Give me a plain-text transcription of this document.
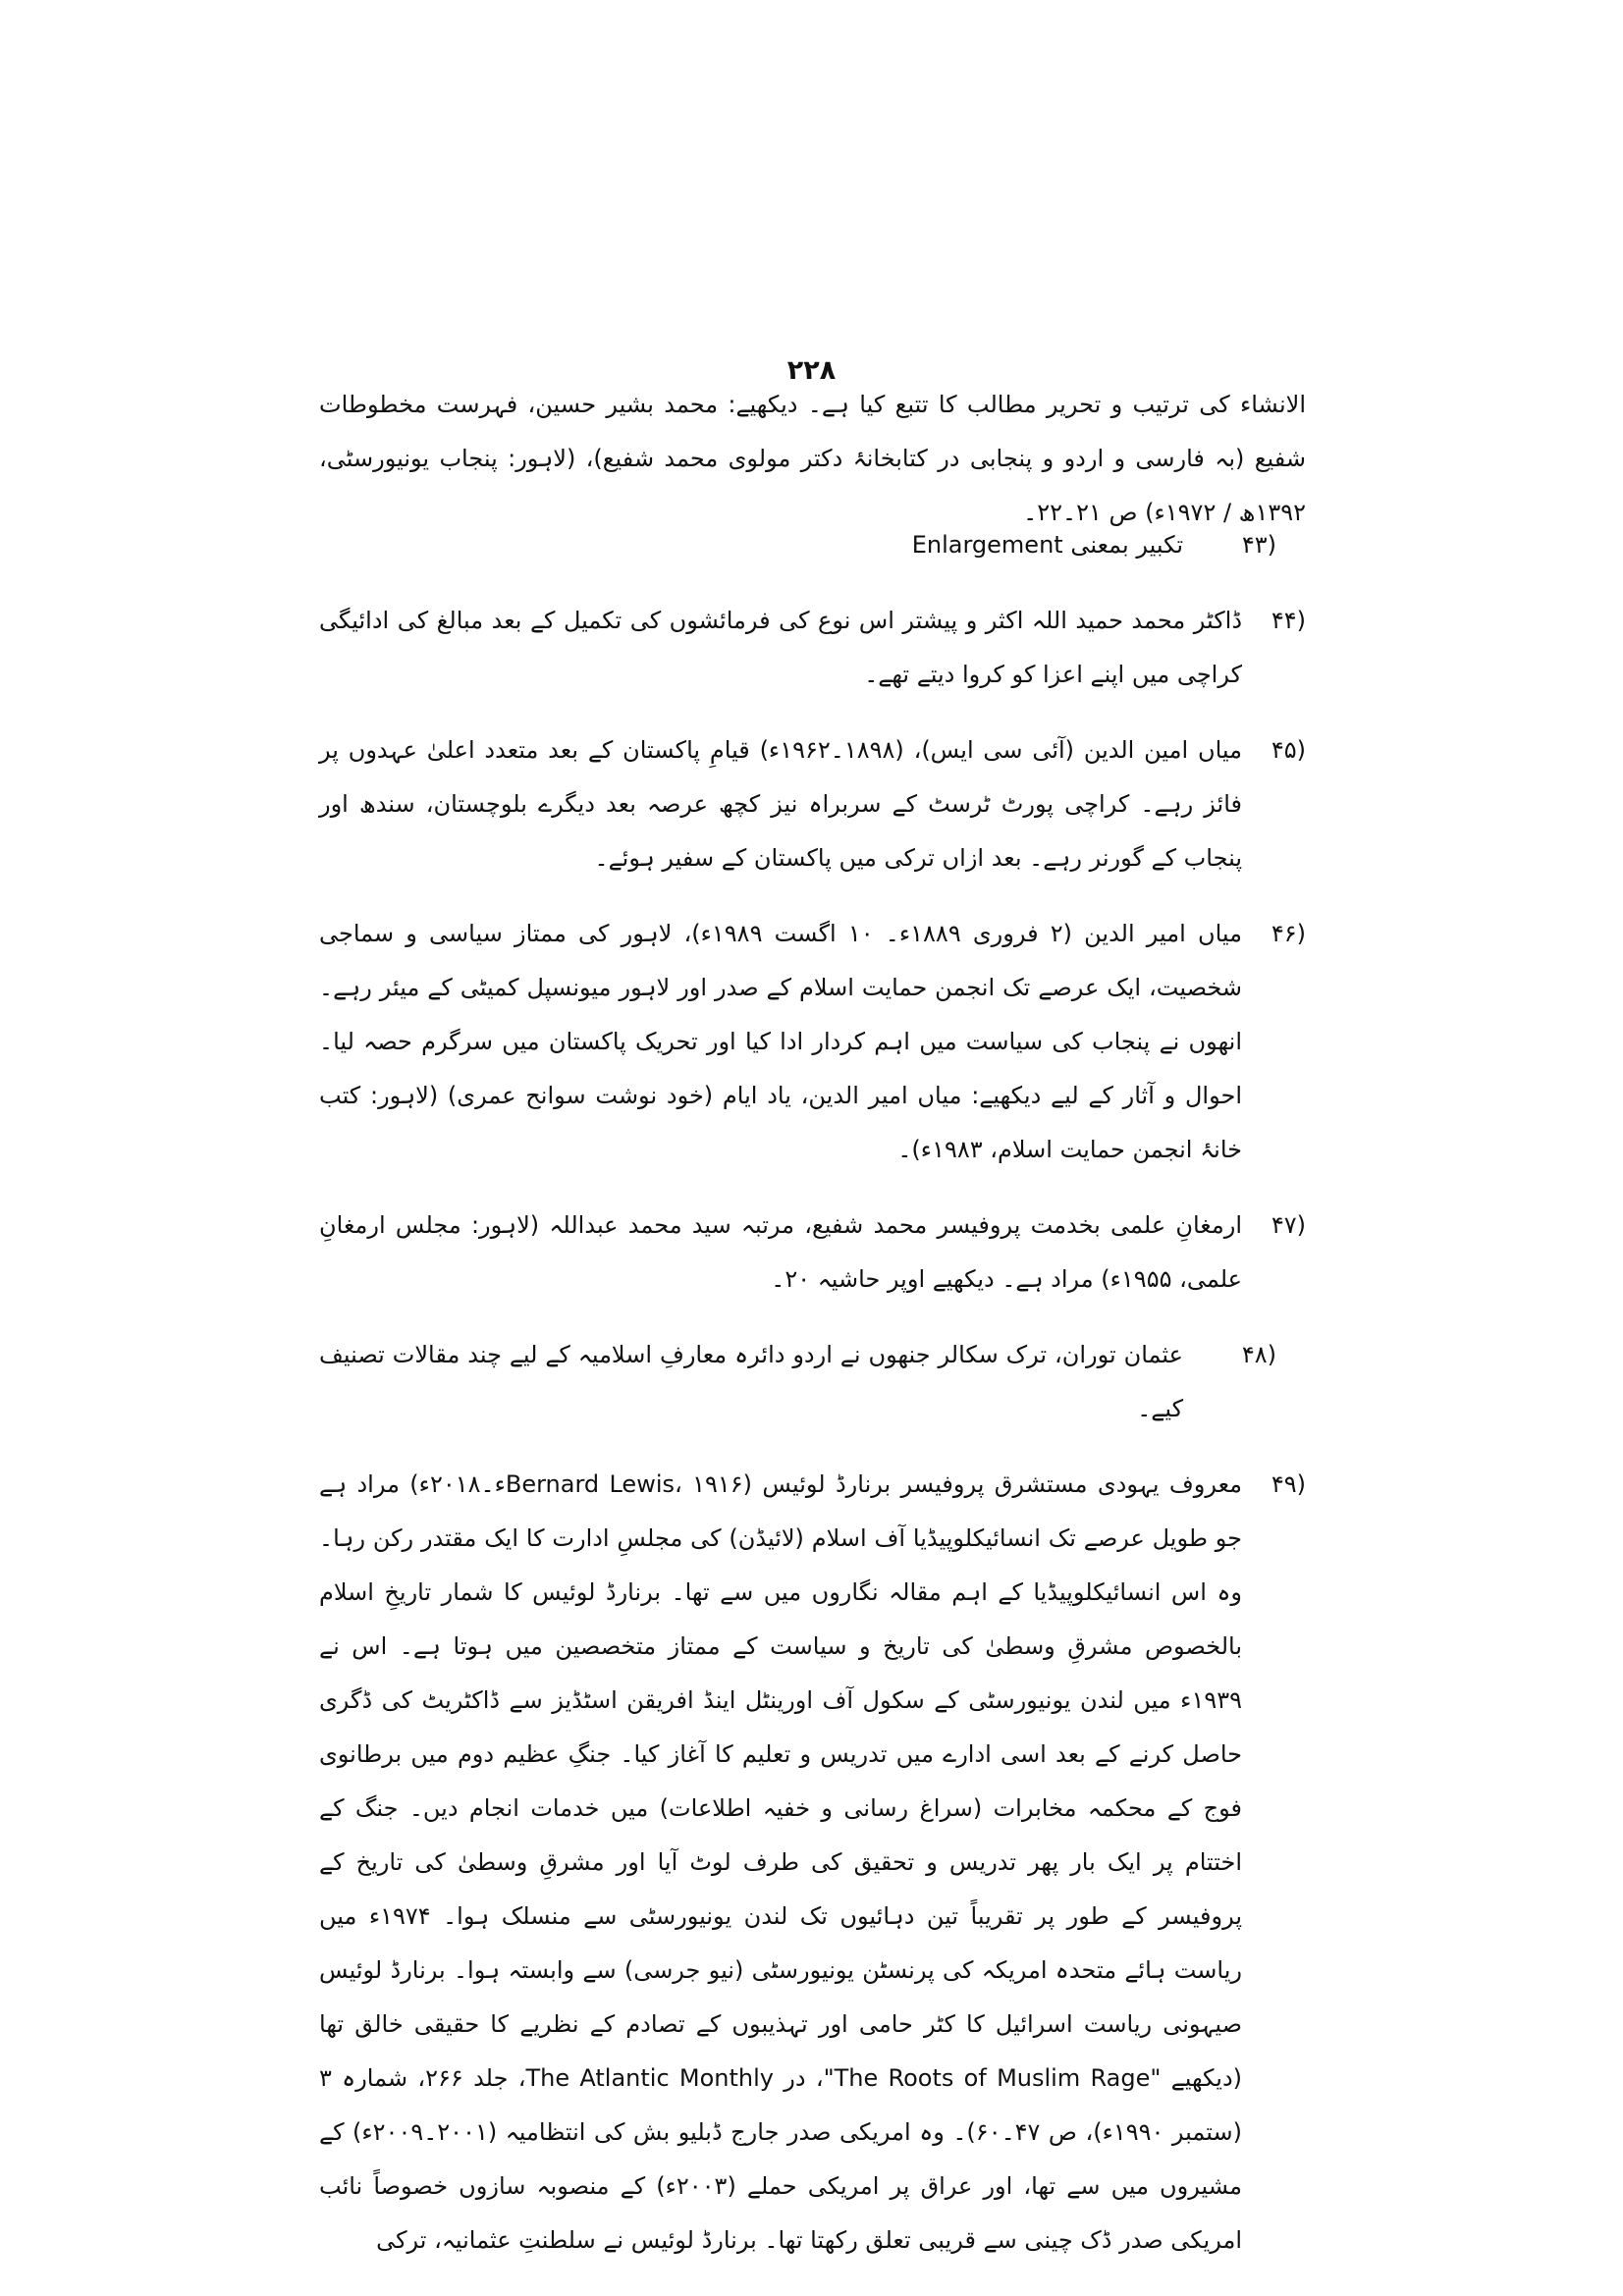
۲۲۸
الانشاء کی ترتیب و تحریر مطالب کا تتبع کیا ہے۔ دیکھیے: محمد بشیر حسین، فہرست مخطوطات شفیع (بہ فارسی و اردو و پنجابی در کتابخانۂ دکتر مولوی محمد شفیع)، (لاہور: پنجاب یونیورسٹی، ۱۳۹۲ھ / ۱۹۷۲ء) ص ۲۱۔۲۲۔
(۴۳
تکبیر بمعنی Enlargement
(۴۴
ڈاکٹر محمد حمید اللہ اکثر و پیشتر اس نوع کی فرمائشوں کی تکمیل کے بعد مبالغ کی ادائیگی کراچی میں اپنے اعزا کو کروا دیتے تھے۔
(۴۵
میاں امین الدین (آئی سی ایس)، (۱۸۹۸۔۱۹۶۲ء) قیامِ پاکستان کے بعد متعدد اعلیٰ عہدوں پر فائز رہے۔ کراچی پورٹ ٹرسٹ کے سربراہ نیز کچھ عرصہ بعد دیگرے بلوچستان، سندھ اور پنجاب کے گورنر رہے۔ بعد ازاں ترکی میں پاکستان کے سفیر ہوئے۔
(۴۶
میاں امیر الدین (۲ فروری ۱۸۸۹ء۔ ۱۰ اگست ۱۹۸۹ء)، لاہور کی ممتاز سیاسی و سماجی شخصیت، ایک عرصے تک انجمن حمایت اسلام کے صدر اور لاہور میونسپل کمیٹی کے میئر رہے۔ انھوں نے پنجاب کی سیاست میں اہم کردار ادا کیا اور تحریک پاکستان میں سرگرم حصہ لیا۔ احوال و آثار کے لیے دیکھیے: میاں امیر الدین، یاد ایام (خود نوشت سوانح عمری) (لاہور: کتب خانۂ انجمن حمایت اسلام، ۱۹۸۳ء)۔
(۴۷
ارمغانِ علمی بخدمت پروفیسر محمد شفیع، مرتبہ سید محمد عبداللہ (لاہور: مجلس ارمغانِ علمی، ۱۹۵۵ء) مراد ہے۔ دیکھیے اوپر حاشیہ ۲۰۔
(۴۸
عثمان توران، ترک سکالر جنھوں نے اردو دائرہ معارفِ اسلامیہ کے لیے چند مقالات تصنیف کیے۔
(۴۹
معروف یہودی مستشرق پروفیسر برنارڈ لوئیس (Bernard Lewis، ۱۹۱۶ء۔۲۰۱۸ء) مراد ہے جو طویل عرصے تک انسائیکلوپیڈیا آف اسلام (لائیڈن) کی مجلسِ ادارت کا ایک مقتدر رکن رہا۔ وہ اس انسائیکلوپیڈیا کے اہم مقالہ نگاروں میں سے تھا۔ برنارڈ لوئیس کا شمار تاریخِ اسلام بالخصوص مشرقِ وسطیٰ کی تاریخ و سیاست کے ممتاز متخصصین میں ہوتا ہے۔ اس نے ۱۹۳۹ء میں لندن یونیورسٹی کے سکول آف اورینٹل اینڈ افریقن اسٹڈیز سے ڈاکٹریٹ کی ڈگری حاصل کرنے کے بعد اسی ادارے میں تدریس و تعلیم کا آغاز کیا۔ جنگِ عظیم دوم میں برطانوی فوج کے محکمہ مخابرات (سراغ رسانی و خفیہ اطلاعات) میں خدمات انجام دیں۔ جنگ کے اختتام پر ایک بار پھر تدریس و تحقیق کی طرف لوٹ آیا اور مشرقِ وسطیٰ کی تاریخ کے پروفیسر کے طور پر تقریباً تین دہائیوں تک لندن یونیورسٹی سے منسلک ہوا۔ ۱۹۷۴ء میں ریاست ہائے متحدہ امریکہ کی پرنسٹن یونیورسٹی (نیو جرسی) سے وابستہ ہوا۔ برنارڈ لوئیس صیہونی ریاست اسرائیل کا کٹر حامی اور تہذیبوں کے تصادم کے نظریے کا حقیقی خالق تھا (دیکھیے "The Roots of Muslim Rage"، در The Atlantic Monthly، جلد ۲۶۶، شمارہ ۳ (ستمبر ۱۹۹۰ء)، ص ۴۷۔۶۰)۔ وہ امریکی صدر جارج ڈبلیو بش کی انتظامیہ (۲۰۰۱۔۲۰۰۹ء) کے مشیروں میں سے تھا، اور عراق پر امریکی حملے (۲۰۰۳ء) کے منصوبہ سازوں خصوصاً نائب امریکی صدر ڈک چینی سے قریبی تعلق رکھتا تھا۔ برنارڈ لوئیس نے سلطنتِ عثمانیہ، ترکی
